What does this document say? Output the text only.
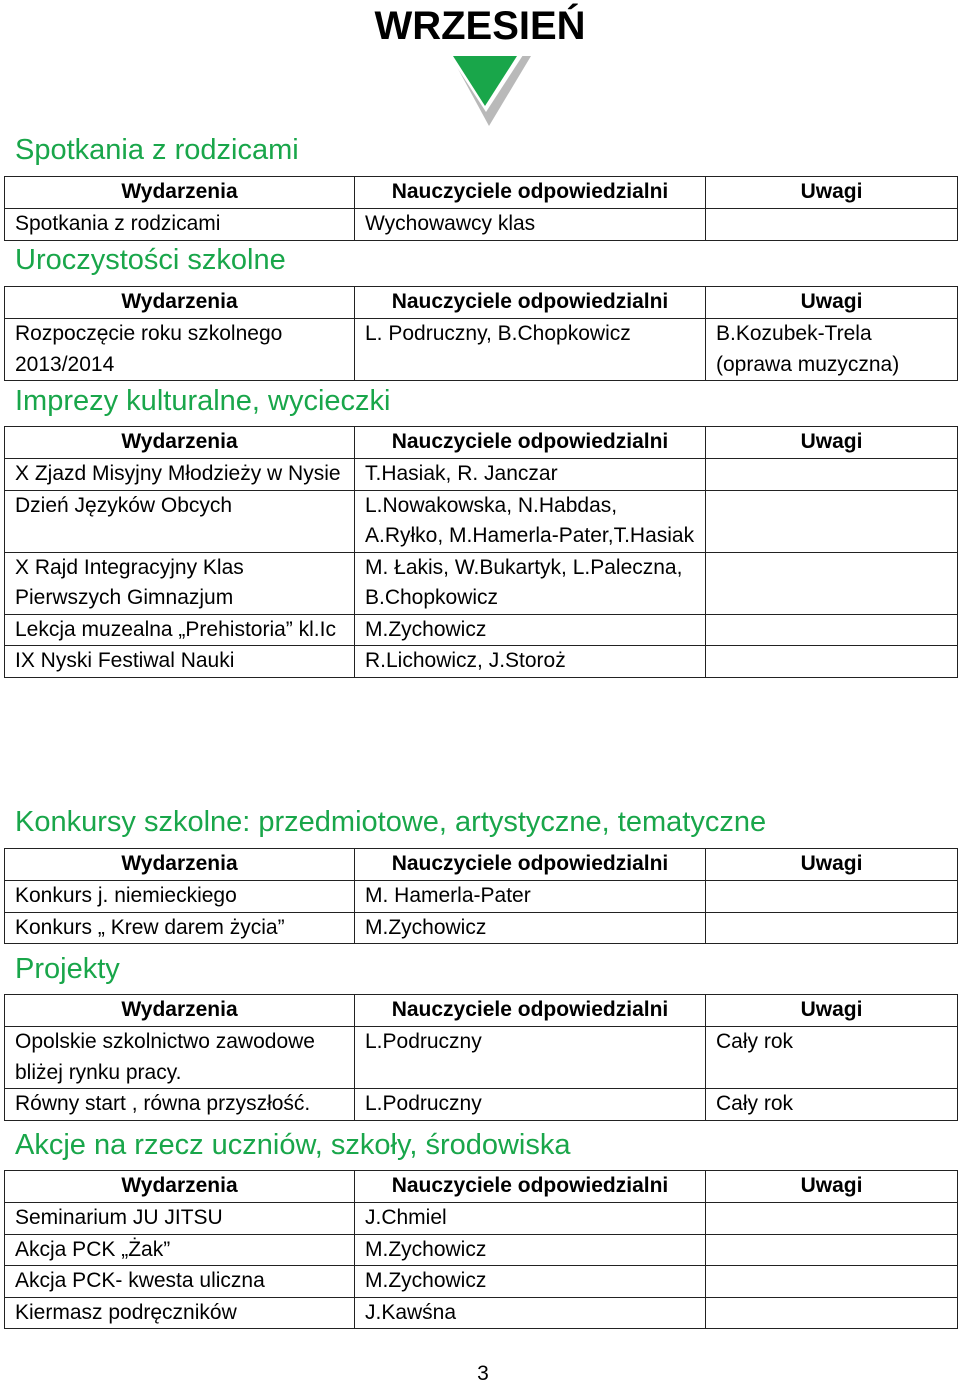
WRZESIEŃ
Spotkania z rodzicami
Wydarzenia	Nauczyciele odpowiedzialni	Uwagi
Spotkania z rodzicami	Wychowawcy klas	
Uroczystości szkolne
Wydarzenia	Nauczyciele odpowiedzialni	Uwagi
Rozpoczęcie roku szkolnego 2013/2014	L. Podruczny, B.Chopkowicz	B.Kozubek-Trela (oprawa muzyczna)
Imprezy kulturalne, wycieczki
Wydarzenia	Nauczyciele odpowiedzialni	Uwagi
X Zjazd Misyjny Młodzieży w Nysie	T.Hasiak, R. Janczar	
Dzień Języków Obcych	L.Nowakowska, N.Habdas, A.Ryłko, M.Hamerla-Pater,T.Hasiak	
X Rajd Integracyjny Klas Pierwszych Gimnazjum	M. Łakis, W.Bukartyk, L.Paleczna, B.Chopkowicz	
Lekcja muzealna „Prehistoria” kl.Ic	M.Zychowicz	
IX Nyski Festiwal Nauki	R.Lichowicz, J.Storoż	
Konkursy szkolne: przedmiotowe, artystyczne, tematyczne
Wydarzenia	Nauczyciele odpowiedzialni	Uwagi
Konkurs j. niemieckiego	M. Hamerla-Pater	
Konkurs „ Krew darem życia”	M.Zychowicz	
Projekty
Wydarzenia	Nauczyciele odpowiedzialni	Uwagi
Opolskie szkolnictwo zawodowe bliżej rynku pracy.	L.Podruczny	Cały rok
Równy start , równa przyszłość.	L.Podruczny	Cały rok
Akcje na rzecz uczniów, szkoły, środowiska
Wydarzenia	Nauczyciele odpowiedzialni	Uwagi
Seminarium JU JITSU	J.Chmiel	
Akcja PCK „Żak”	M.Zychowicz	
Akcja PCK- kwesta uliczna	M.Zychowicz	
Kiermasz podręczników	J.Kawśna	
3
